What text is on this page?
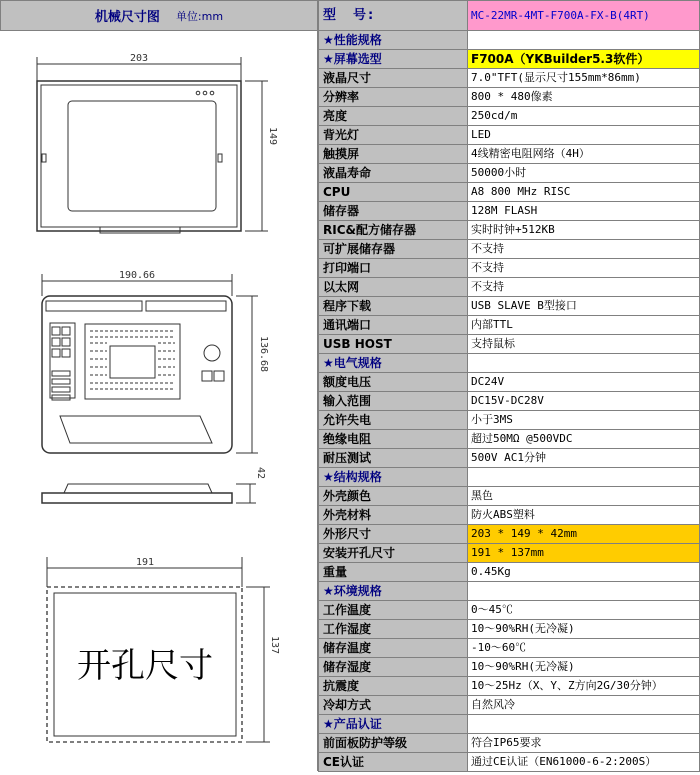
机械尺寸图 单位:mm
203
149
190.66
136.68
42
191
137
开孔尺寸
型　号:	MC-22MR-4MT-F700A-FX-B(4RT)
★性能规格
★屏幕选型	F700A（YKBuilder5.3软件）
液晶尺寸	7.0"TFT(显示尺寸155mm*86mm)
分辨率	800 * 480像素
亮度	250cd/m
背光灯	LED
触摸屏	4线精密电阻网络（4H）
液晶寿命	50000小时
CPU	A8 800 MHz RISC
储存器	128M FLASH
RIC&配方储存器	实时时钟+512KB
可扩展储存器	不支持
打印端口	不支持
以太网	不支持
程序下载	USB SLAVE B型接口
通讯端口	内部TTL
USB HOST	支持鼠标
★电气规格
额度电压	DC24V
输入范围	DC15V-DC28V
允许失电	小于3MS
绝缘电阻	超过50MΩ @500VDC
耐压测试	500V AC1分钟
★结构规格
外壳颜色	黑色
外壳材料	防火ABS塑料
外形尺寸	203 * 149 * 42mm
安装开孔尺寸	191 * 137mm
重量	0.45Kg
★环境规格
工作温度	0～45℃
工作湿度	10～90%RH(无冷凝)
储存温度	-10～60℃
储存湿度	10～90%RH(无冷凝)
抗震度	10～25Hz（X、Y、Z方向2G/30分钟）
冷却方式	自然风冷
★产品认证
前面板防护等级	符合IP65要求
CE认证	通过CE认证（EN61000-6-2:200S）
